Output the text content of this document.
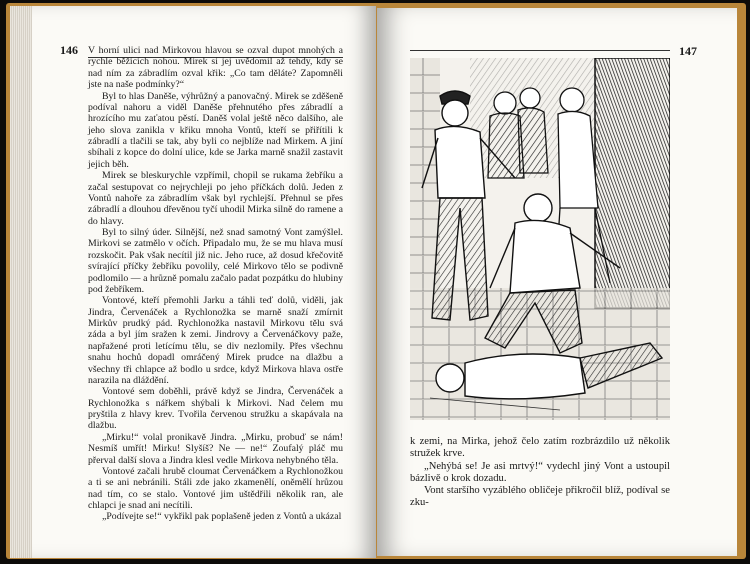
146 V horní ulici nad Mirkovou hlavou se ozval dupot mnohých a rychle běžících nohou. Mirek si jej uvědomil až tehdy, kdy se nad ním za zábradlím ozval křik: „Co tam děláte? Zapomněli jste na naše podmínky?“

Byl to hlas Daněše, výhrůžný a panovačný. Mirek se zděšeně podíval nahoru a viděl Daněše přehnutého přes zábradlí a hrozícího mu zaťatou pěstí. Daněš volal ještě něco dalšího, ale jeho slova zanikla v křiku mnoha Vontů, kteří se přiřítili k zábradlí a tlačili se tak, aby byli co nejblíže nad Mirkem. A jiní sbíhali z kopce do dolní ulice, kde se Jarka marně snažil zastavit jejich běh.

Mirek se bleskurychle vzpřímil, chopil se rukama žebříku a začal sestupovat co nejrychleji po jeho příčkách dolů. Jeden z Vontů nahoře za zábradlím však byl rychlejší. Přehnul se přes zábradlí a dlouhou dřevěnou tyčí uhodil Mirka silně do ramene a do hlavy.

Byl to silný úder. Silnější, než snad samotný Vont zamýšlel. Mirkovi se zatmělo v očích. Připadalo mu, že se mu hlava musí rozskočit. Pak však necítil již nic. Jeho ruce, až dosud křečovitě svírající příčky žebříku povolily, celé Mirkovo tělo se podivně podlomilo — a hrůzně pomalu začalo padat pozpátku do hlubiny pod žebříkem.

Vontové, kteří přemohli Jarku a táhli teď dolů, viděli, jak Jindra, Červenáček a Rychlonožka se marně snaží zmírnit Mirkův prudký pád. Rychlonožka nastavil Mirkovu tělu svá záda a byl jím sražen k zemi. Jindrovy a Červenáčkovy paže, napřažené proti letícímu tělu, se div nezlomily. Přes všechnu snahu hochů dopadl omráčený Mirek prudce na dlažbu a všechny tři chlapce až bodlo u srdce, když Mirkova hlava ostře narazila na dláždění.

Vontové sem doběhli, právě když se Jindra, Červenáček a Rychlonožka s nářkem shýbali k Mirkovi. Nad čelem mu pryštila z hlavy krev. Tvořila červenou stružku a skapávala na dlažbu.

„Mirku!“ volal pronikavě Jindra. „Mirku, probuď se nám! Nesmíš umřít! Mirku! Slyšíš? Ne — ne!“ Zoufalý pláč mu přerval další slova a Jindra klesl vedle Mirkova nehybného těla.

Vontové začali hrubě cloumat Červenáčkem a Rychlonožkou a ti se ani nebránili. Stáli zde jako zkamenělí, oněmělí hrůzou nad tím, co se stalo. Vontové jim uštědřili několik ran, ale chlapci je snad ani necítili.

„Podívejte se!“ vykřikl pak poplašeně jeden z Vontů a ukázal

147

k zemi, na Mirka, jehož čelo zatím rozbrázdilo už několik stružek krve.

„Nehýbá se! Je asi mrtvý!“ vydechl jiný Vont a ustoupil bázlivě o krok dozadu.

Vont staršího vyzáblého obličeje přikročil blíž, podíval se zku-
